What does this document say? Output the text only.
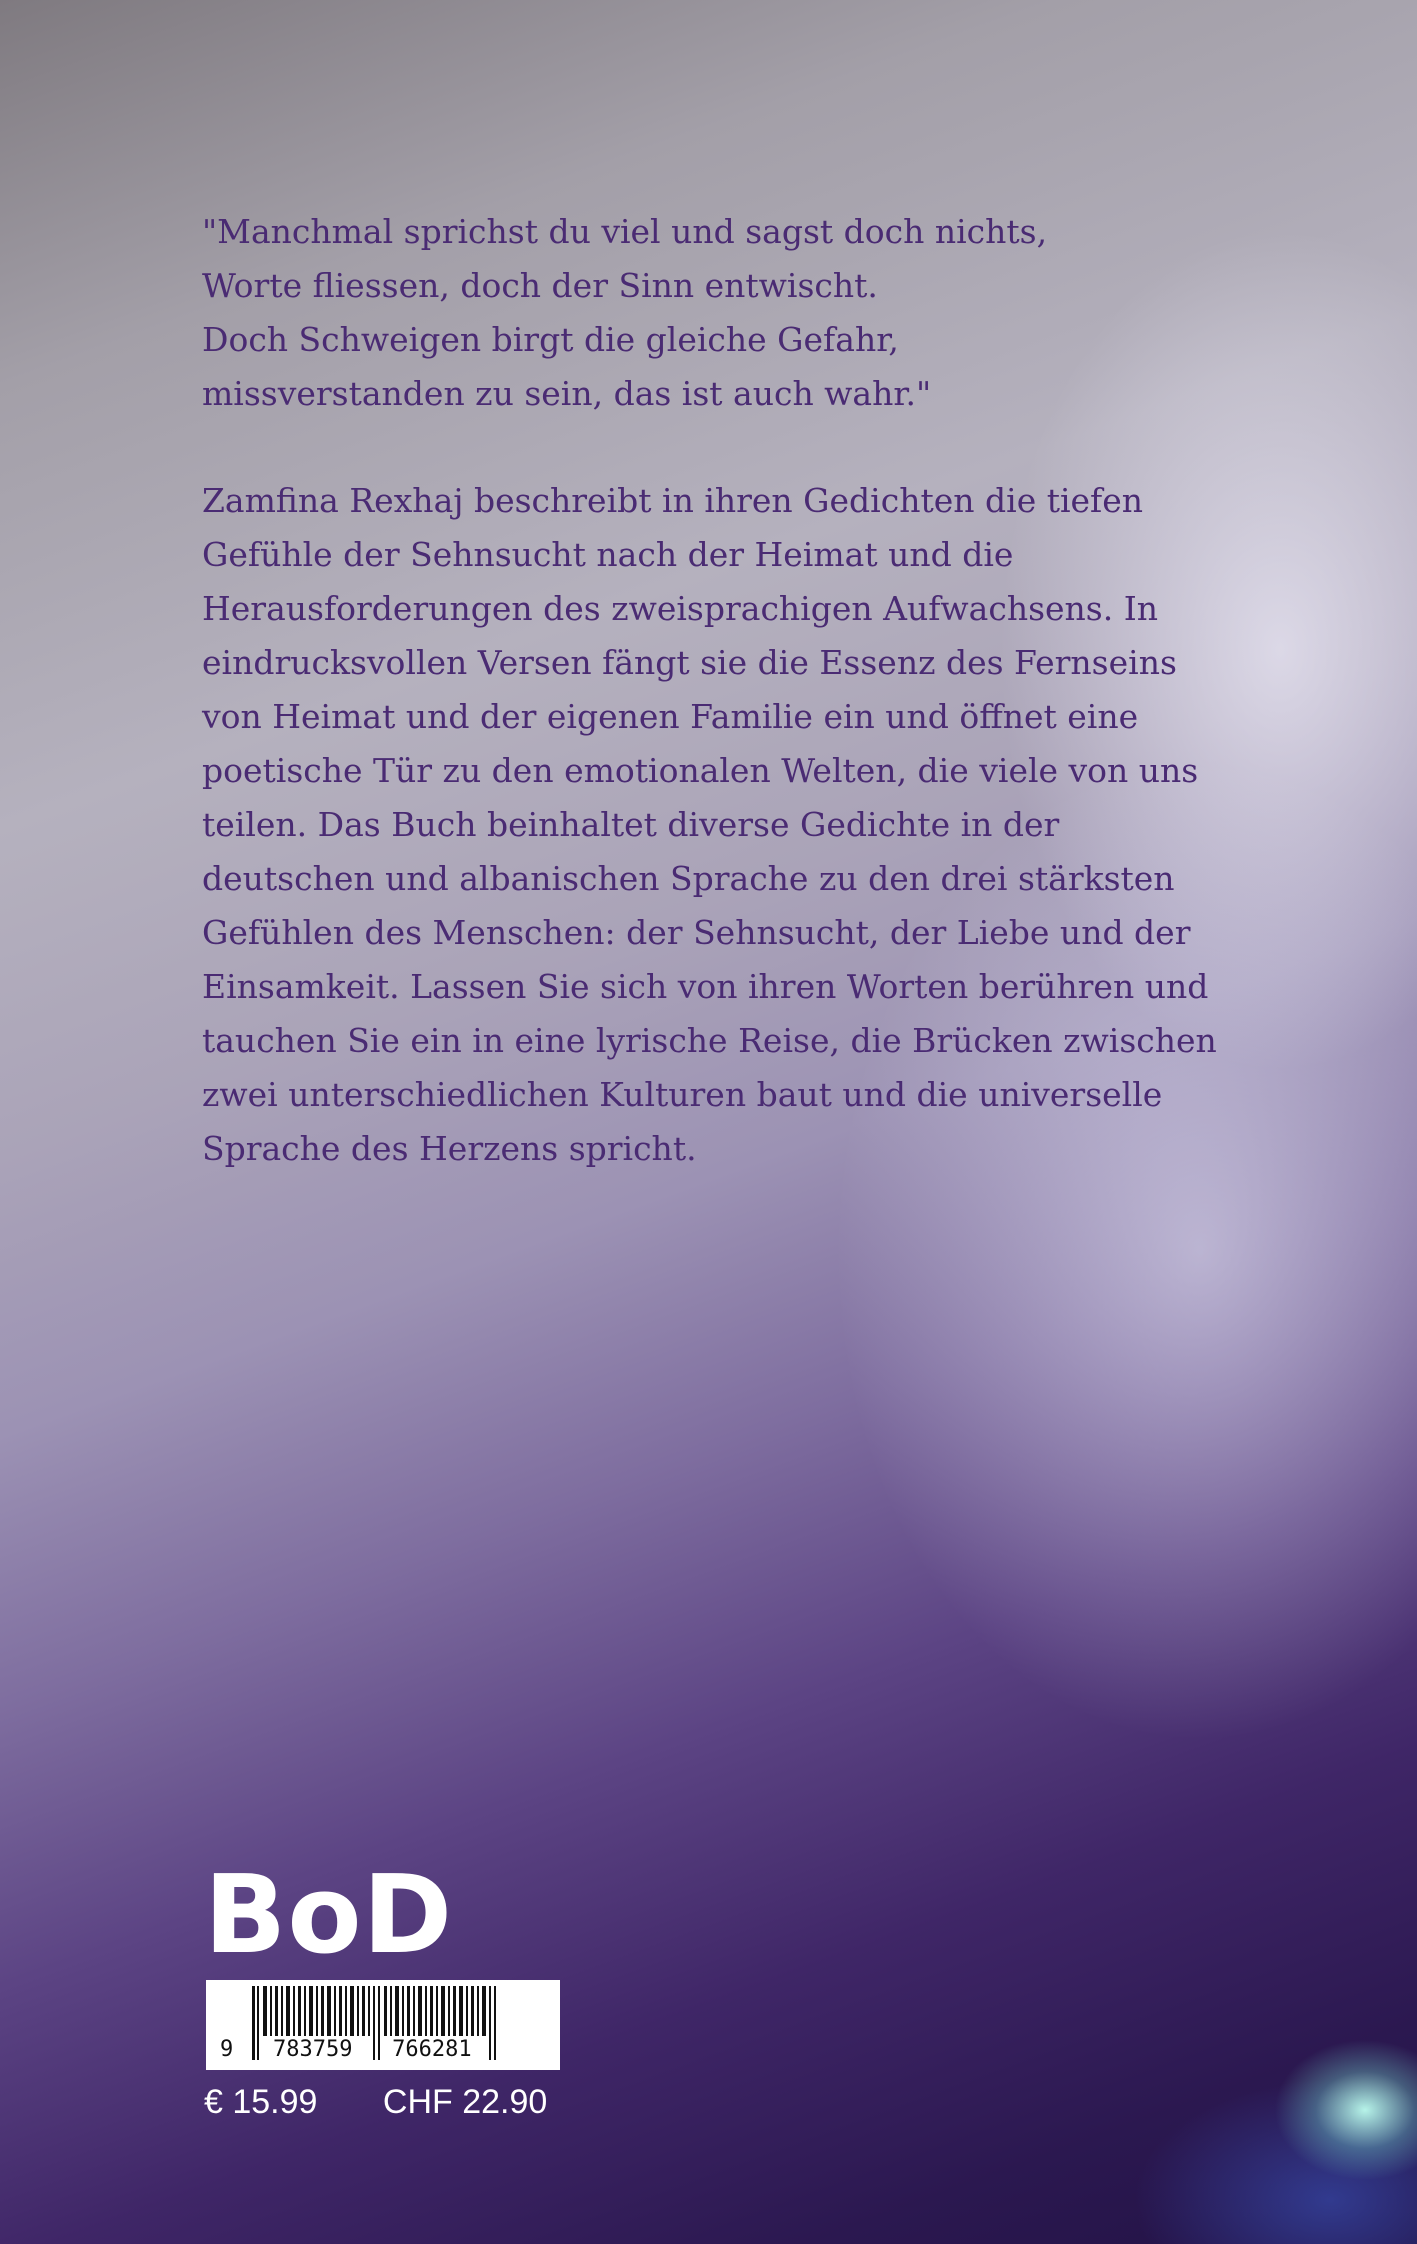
"Manchmal sprichst du viel und sagst doch nichts,
Worte fliessen, doch der Sinn entwischt.
Doch Schweigen birgt die gleiche Gefahr,
missverstanden zu sein, das ist auch wahr."
Zamfina Rexhaj beschreibt in ihren Gedichten die tiefen
Gefühle der Sehnsucht nach der Heimat und die
Herausforderungen des zweisprachigen Aufwachsens. In
eindrucksvollen Versen fängt sie die Essenz des Fernseins
von Heimat und der eigenen Familie ein und öffnet eine
poetische Tür zu den emotionalen Welten, die viele von uns
teilen. Das Buch beinhaltet diverse Gedichte in der
deutschen und albanischen Sprache zu den drei stärksten
Gefühlen des Menschen: der Sehnsucht, der Liebe und der
Einsamkeit. Lassen Sie sich von ihren Worten berühren und
tauchen Sie ein in eine lyrische Reise, die Brücken zwischen
zwei unterschiedlichen Kulturen baut und die universelle
Sprache des Herzens spricht.
BoD
9   783759   766281
€ 15.99 CHF 22.90
